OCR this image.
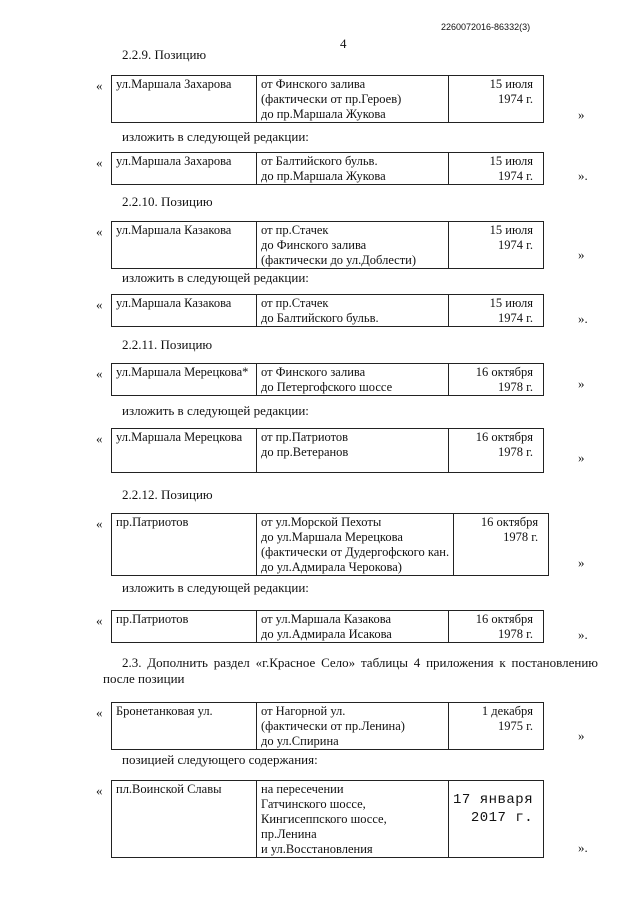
2260072016-86332(3)
4
2.2.9. Позицию
« ул.Маршала Захарова	от Финского залива
(фактически от пр.Героев)
до пр.Маршала Жукова

15 июля
1974 г.
»
изложить в следующей редакции:
« ул.Маршала Захарова	от Балтийского бульв.
до пр.Маршала Жукова

15 июля
1974 г.	».
2.2.10. Позицию
« ул.Маршала Казакова	от пр.Стачек
до Финского залива
(фактически до ул.Доблести)

15 июля
1974 г.
»
изложить в следующей редакции:
« ул.Маршала Казакова	от пр.Стачек
до Балтийского бульв.

15 июля
1974 г.	».
2.2.11. Позицию
« ул.Маршала Мерецкова*	от Финского залива
до Петергофского шоссе

16 октября
1978 г.	»
изложить в следующей редакции:
« ул.Маршала Мерецкова	от пр.Патриотов
до пр.Ветеранов

16 октября
1978 г.	»
2.2.12. Позицию
« пр.Патриотов	от ул.Морской Пехоты
до ул.Маршала Мерецкова
(фактически от Дудергофского кан.
до ул.Адмирала Черокова)

16 октября
1978 г.
»
изложить в следующей редакции:
« пр.Патриотов	от ул.Маршала Казакова
до ул.Адмирала Исакова

16 октября
1978 г.	».
2.3. Дополнить раздел «г.Красное Село» таблицы 4 приложения к постановлению после позиции
« Бронетанковая ул.	от Нагорной ул.
(фактически от пр.Ленина)
до ул.Спирина

1 декабря
1975 г.
»
позицией следующего содержания:
« пл.Воинской Славы	на пересечении
Гатчинского шоссе,
Кингисеппского шоссе,
пр.Ленина
и ул.Восстановления

17 января
2017 г.
».
